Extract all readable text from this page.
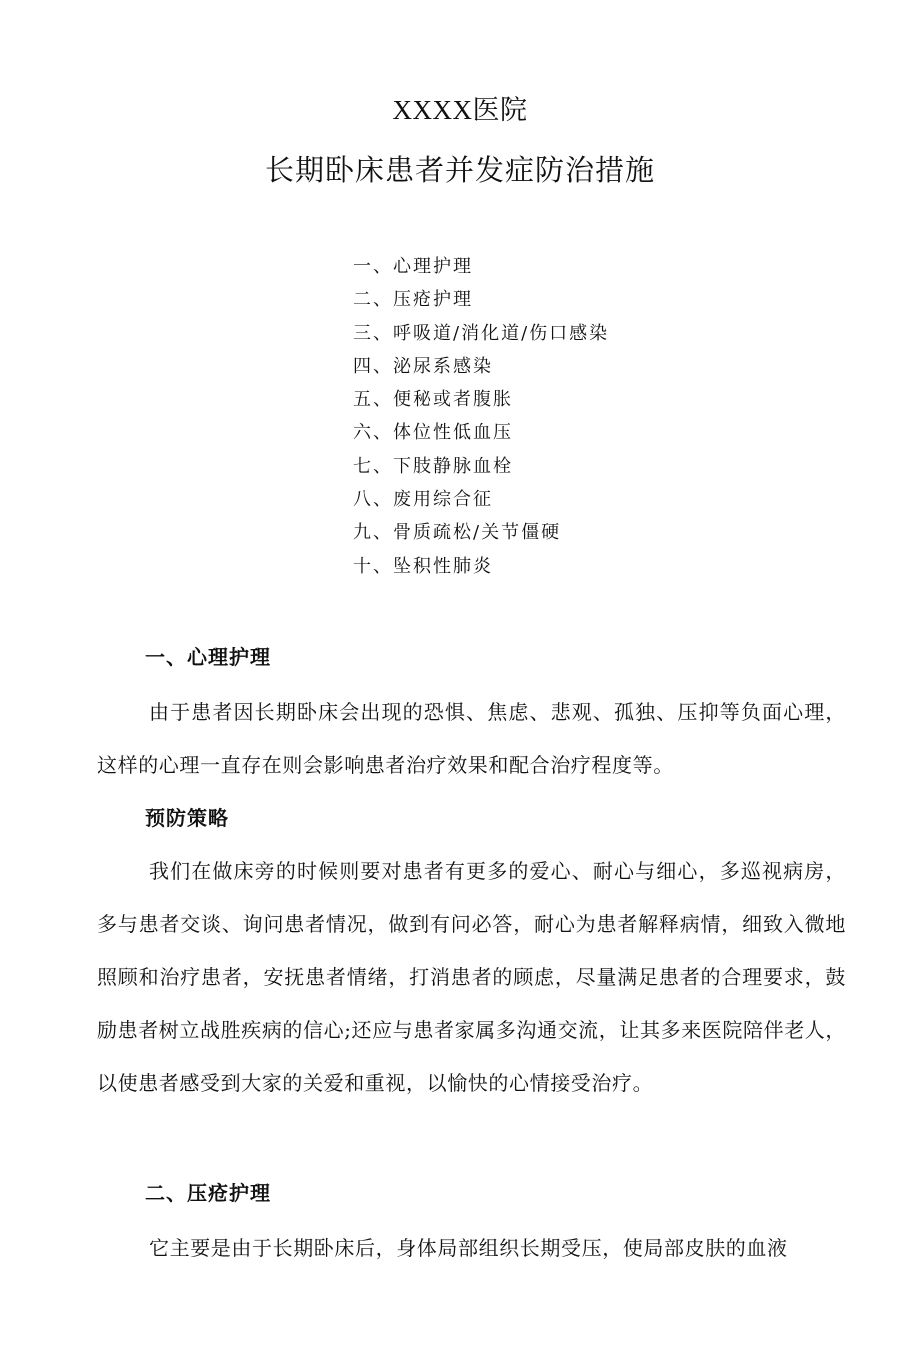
XXXX医院
长期卧床患者并发症防治措施
一、心理护理
二、压疮护理
三、呼吸道/消化道/伤口感染
四、泌尿系感染
五、便秘或者腹胀
六、体位性低血压
七、下肢静脉血栓
八、废用综合征
九、骨质疏松/关节僵硬
十、坠积性肺炎
一、心理护理

由于患者因长期卧床会出现的恐惧、焦虑、悲观、孤独、压抑等负面心理，这样的心理一直存在则会影响患者治疗效果和配合治疗程度等。

预防策略

我们在做床旁的时候则要对患者有更多的爱心、耐心与细心，多巡视病房，多与患者交谈、询问患者情况，做到有问必答，耐心为患者解释病情，细致入微地照顾和治疗患者，安抚患者情绪，打消患者的顾虑，尽量满足患者的合理要求，鼓励患者树立战胜疾病的信心;还应与患者家属多沟通交流，让其多来医院陪伴老人，以使患者感受到大家的关爱和重视，以愉快的心情接受治疗。

二、压疮护理

它主要是由于长期卧床后，身体局部组织长期受压，使局部皮肤的血液
